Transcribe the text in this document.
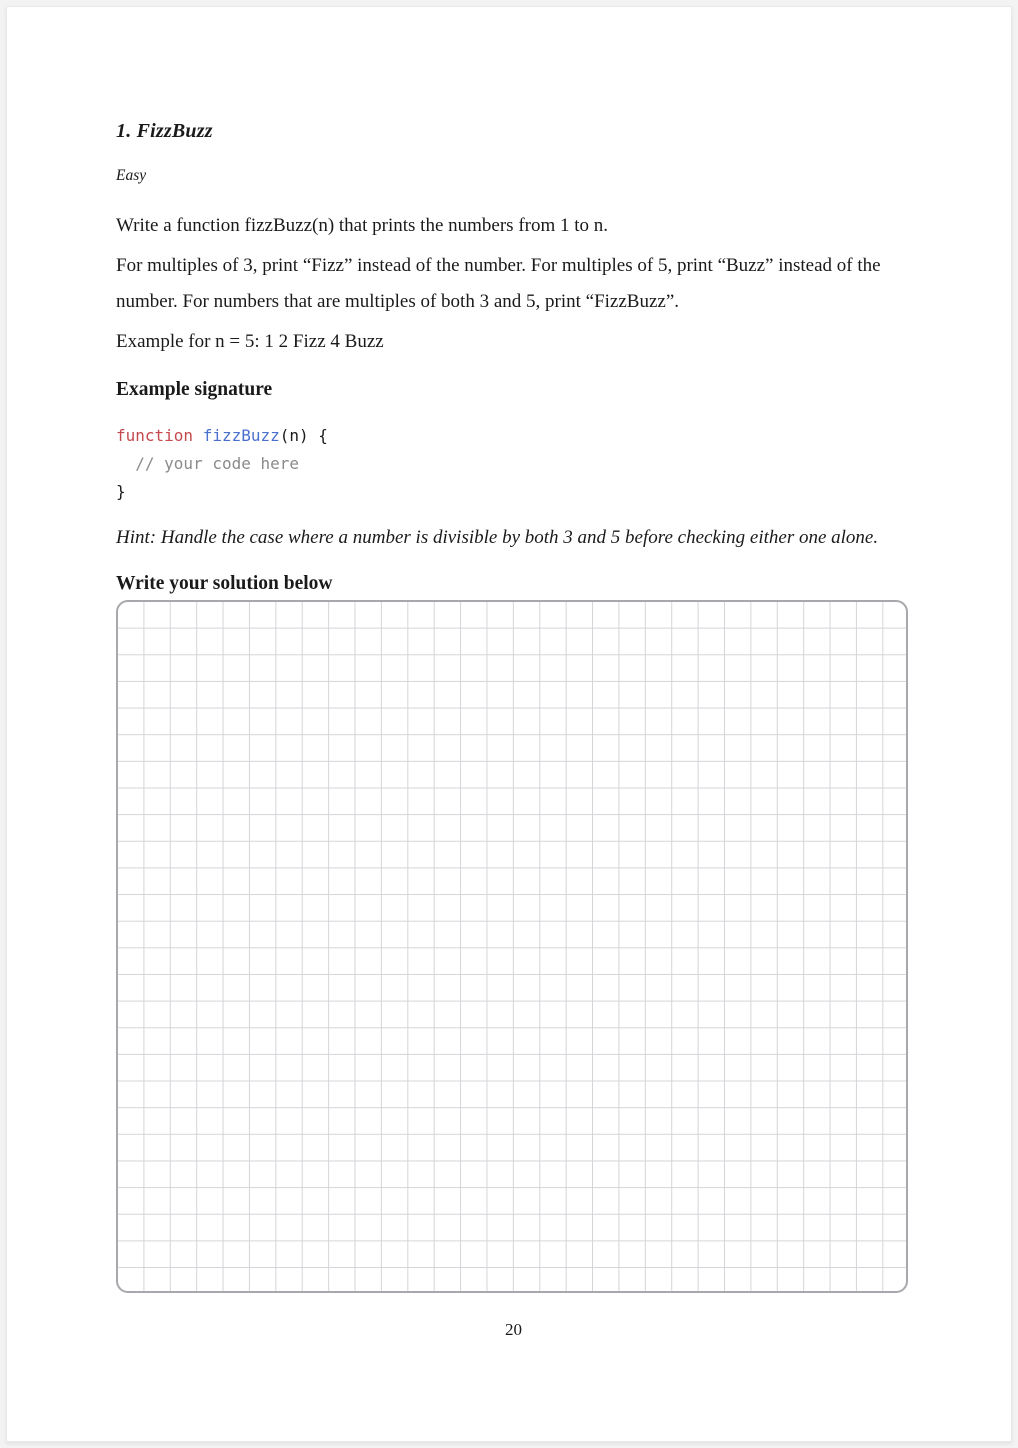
1. FizzBuzz
Easy

Write a function fizzBuzz(n) that prints the numbers from 1 to n.

For multiples of 3, print “Fizz” instead of the number. For multiples of 5, print “Buzz” instead of the number. For numbers that are multiples of both 3 and 5, print “FizzBuzz”.

Example for n = 5: 1 2 Fizz 4 Buzz

Example signature
function fizzBuzz(n) {
// your code here
}

Hint: Handle the case where a number is divisible by both 3 and 5 before checking either one alone.

Write your solution below
20
